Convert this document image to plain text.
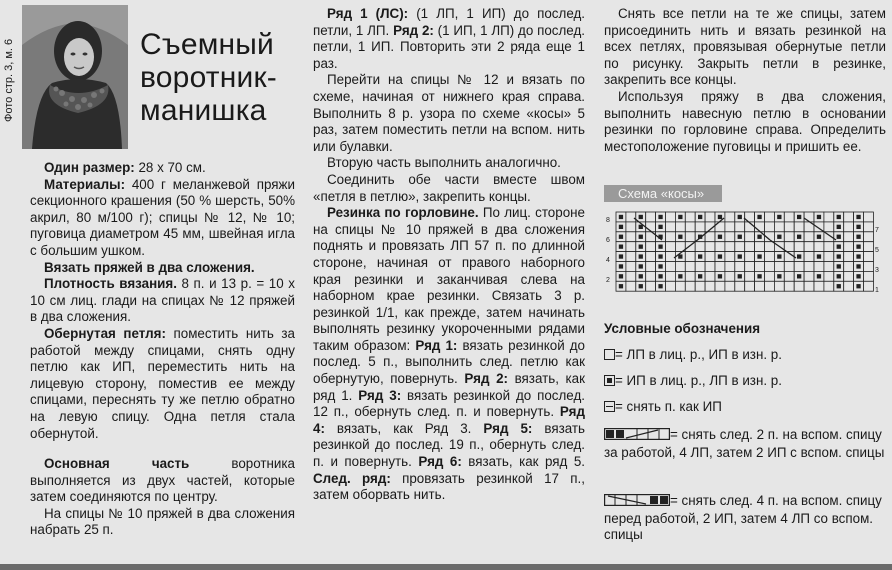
Фото стр. 3, м. 6	Съемный
воротник-
манишка

Один размер: 28 х 70 см.

Материалы: 400 г меланжевой пряжи секционного крашения (50 % шерсть, 50% акрил, 80 м/100 г); спицы № 12, № 10; пуговица диаметром 45 мм, швейная игла с большим ушком.

Вязать пряжей в два сложения.

Плотность вязания. 8 п. и 13 р. = 10 х 10 см лиц. глади на спицах № 12 пряжей в два сложения.

Обернутая петля: поместить нить за работой между спицами, снять одну петлю как ИП, переместить нить на лицевую сторону, поместив ее между спицами, переснять ту же петлю обратно на левую спицу. Одна петля стала обернутой.

Основная часть воротника выполняется из двух частей, которые затем соединяются по центру.

На спицы № 10 пряжей в два сложения набрать 25 п.

Ряд 1 (ЛС): (1 ЛП, 1 ИП) до послед. петли, 1 ЛП. Ряд 2: (1 ИП, 1 ЛП) до послед. петли, 1 ИП. Повторить эти 2 ряда еще 1 раз.

Перейти на спицы № 12 и вязать по схеме, начиная от нижнего края справа. Выполнить 8 р. узора по схеме «косы» 5 раз, затем поместить петли на вспом. нить или булавки.

Вторую часть выполнить аналогично.

Соединить обе части вместе швом «петля в петлю», закрепить концы.

Резинка по горловине. По лиц. стороне на спицы № 10 пряжей в два сложения поднять и провязать ЛП 57 п. по длинной стороне, начиная от правого наборного края резинки и заканчивая слева на наборном крае резинки. Связать 3 р. резинкой 1/1, как прежде, затем начинать выполнять резинку укороченными рядами таким образом: Ряд 1: вязать резинкой до послед. 5 п., выполнить след. петлю как обернутую, повернуть. Ряд 2: вязать, как ряд 1. Ряд 3: вязать резинкой до послед. 12 п., обернуть след. п. и повернуть. Ряд 4: вязать, как Ряд 3. Ряд 5: вязать резинкой до послед. 19 п., обернуть след. п. и повернуть. Ряд 6: вязать, как ряд 5. След. ряд: провязать резинкой 17 п., затем оборвать нить.

Снять все петли на те же спицы, затем присоединить нить и вязать резинкой на всех петлях, провязывая обернутые петли по рисунку. Закрыть петли в резинке, закрепить все концы.

Используя пряжу в два сложения, выполнить навесную петлю в основании резинки по горловине справа. Определить местоположение пуговицы и пришить ее.

Схема «косы»
8
6
4
2
7
5
3
1
Условные обозначения
= ЛП в лиц. р., ИП в изн. р.
= ИП в лиц. р., ЛП в изн. р.
= снять п. как ИП
= снять след. 2 п. на вспом. спицу за работой, 4 ЛП, затем 2 ИП с вспом. спицы
= снять след. 4 п. на вспом. спицу перед работой, 2 ИП, затем 4 ЛП со вспом. спицы
